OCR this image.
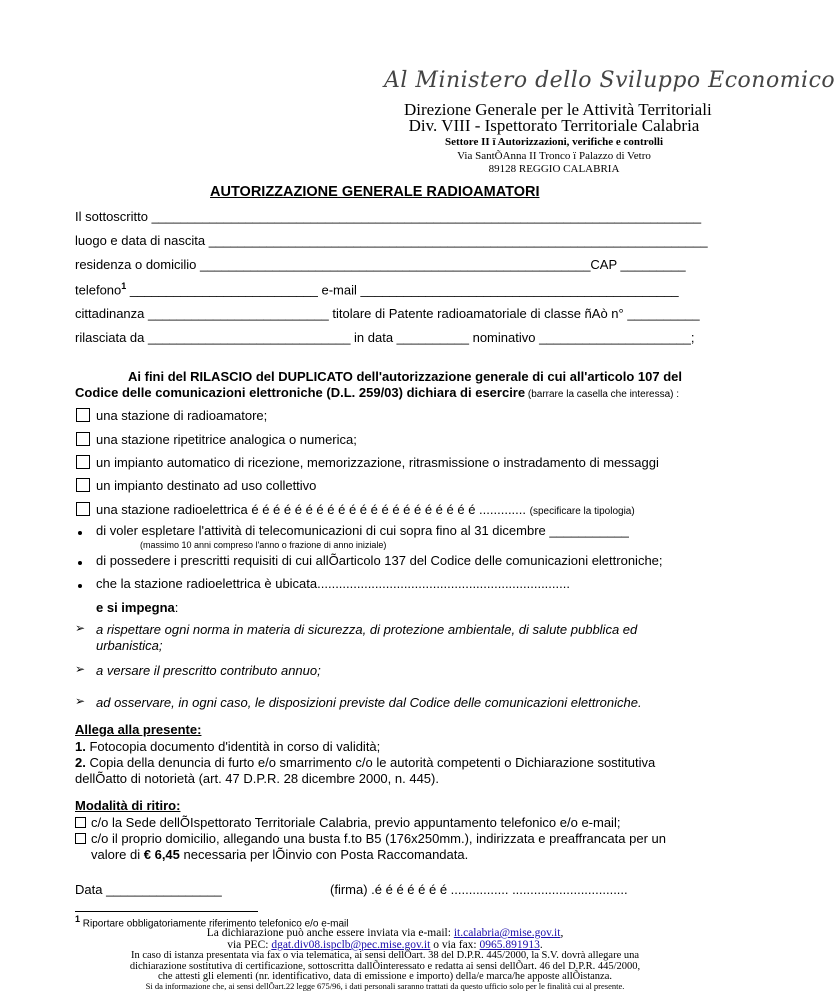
Al Ministero dello Sviluppo Economico
Direzione Generale per le Attività Territoriali
Div. VIII - Ispettorato Territoriale Calabria
Settore II ï Autorizzazioni, verifiche e controlli
Via SantÕAnna II Tronco ï Palazzo di Vetro
89128 REGGIO CALABRIA
AUTORIZZAZIONE GENERALE RADIOAMATORI
Il sottoscritto ____________________________________________________________________________
luogo e data di nascita _____________________________________________________________________
residenza o domicilio ______________________________________________________CAP _________
telefono$^1$ __________________________ e-mail ____________________________________________
cittadinanza _________________________ titolare di Patente radioamatoriale di classe ñAò n° __________
rilasciata da ____________________________ in data __________ nominativo _____________________;
Ai fini del RILASCIO del DUPLICATO dell'autorizzazione generale di cui all'articolo 107 del
Codice delle comunicazioni elettroniche (D.L. 259/03) dichiara di esercire (barrare la casella che interessa) :
una stazione di radioamatore;
una stazione ripetitrice analogica o numerica;
un impianto automatico di ricezione, memorizzazione, ritrasmissione o instradamento di messaggi
un impianto destinato ad uso collettivo
una stazione radioelettrica é é é é é é é é é é é é é é é é é é é é é ............. (specificare la tipologia)
di voler espletare l'attività di telecomunicazioni di cui sopra fino al 31 dicembre ___________
(massimo 10 anni compreso l'anno o frazione di anno iniziale)
di possedere i prescritti requisiti di cui allÕarticolo 137 del Codice delle comunicazioni elettroniche;
che la stazione radioelettrica è ubicata......................................................................
e si impegna:
➢ a rispettare ogni norma in materia di sicurezza, di protezione ambientale, di salute pubblica ed
urbanistica;
➢ a versare il prescritto contributo annuo;
➢ ad osservare, in ogni caso, le disposizioni previste dal Codice delle comunicazioni elettroniche.
Allega alla presente:
1. Fotocopia documento d'identità in corso di validità;
2. Copia della denuncia di furto e/o smarrimento c/o le autorità competenti o Dichiarazione sostitutiva
dellÕatto di notorietà (art. 47 D.P.R. 28 dicembre 2000, n. 445).
Modalità di ritiro:
c/o la Sede dellÕIspettorato Territoriale Calabria, previo appuntamento telefonico e/o e-mail;
c/o il proprio domicilio, allegando una busta f.to B5 (176x250mm.), indirizzata e preaffrancata per un
valore di € 6,45 necessaria per lÕinvio con Posta Raccomandata.
Data ________________	(firma) .é é é é é é é ................ ................................
$^1$ Riportare obbligatoriamente riferimento telefonico e/o e-mail
La dichiarazione può anche essere inviata via e-mail: it.calabria@mise.gov.it,
via PEC: dgat.div08.ispclb@pec.mise.gov.it o via fax: 0965.891913.
In caso di istanza presentata via fax o via telematica, ai sensi dellÕart. 38 del D.P.R. 445/2000, la S.V. dovrà allegare una
dichiarazione sostitutiva di certificazione, sottoscritta dallÕinteressato e redatta ai sensi dellÕart. 46 del D.P.R. 445/2000,
che attesti gli elementi (nr. identificativo, data di emissione e importo) della/e marca/he apposte allÕistanza.
Si da informazione che, ai sensi dellÕart.22 legge 675/96, i dati personali saranno trattati da questo ufficio solo per le finalità cui al presente.
